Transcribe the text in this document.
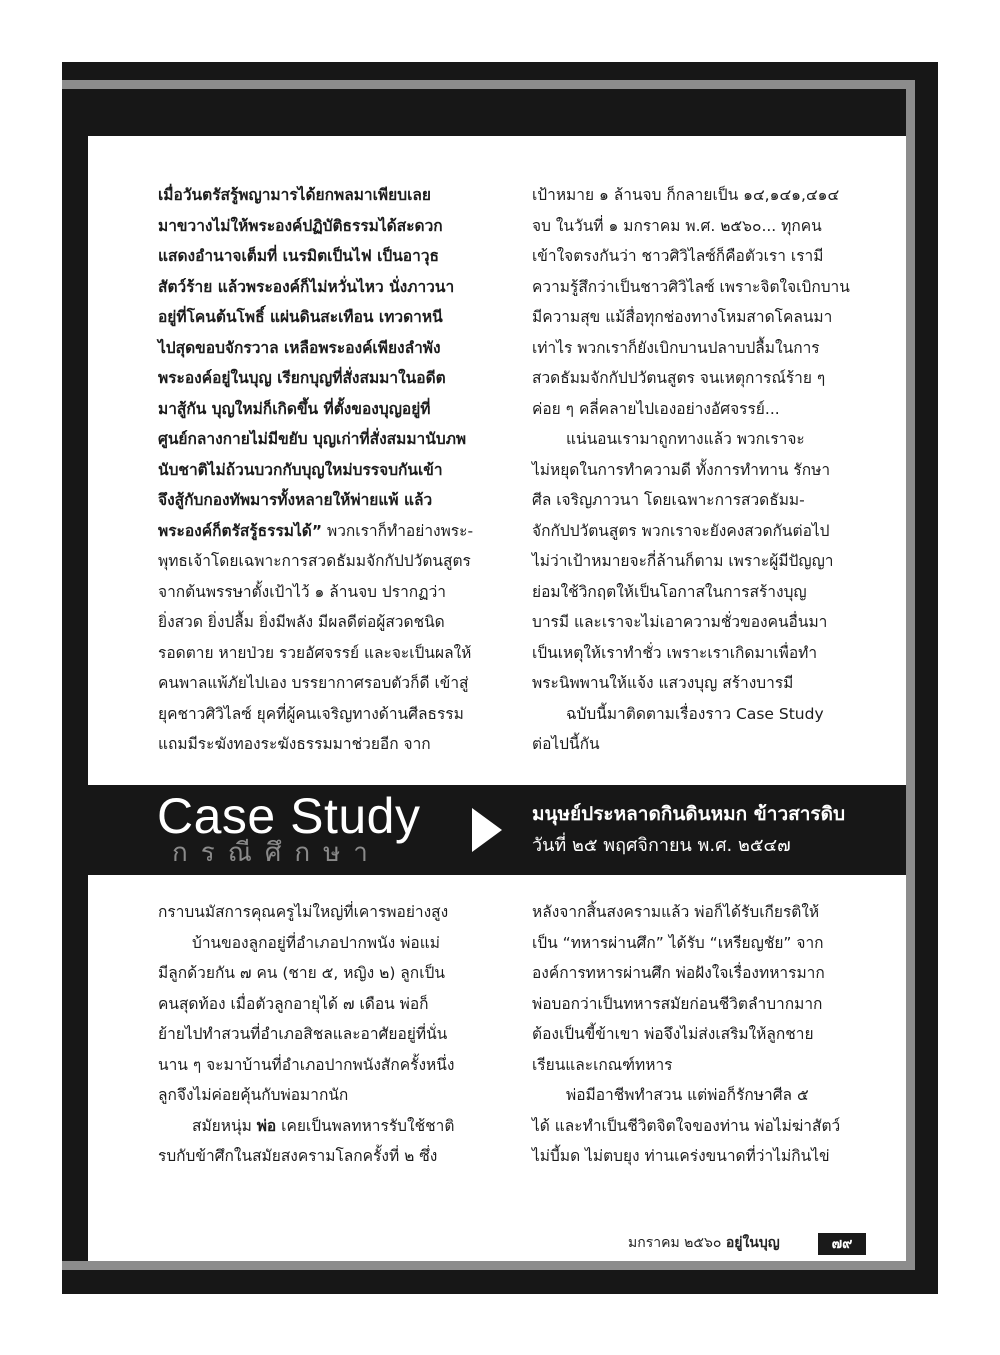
เมื่อวันตรัสรู้พญามารได้ยกพลมาเพียบเลย

มาขวางไม่ให้พระองค์ปฏิบัติธรรมได้สะดวก

แสดงอำนาจเต็มที่ เนรมิตเป็นไฟ เป็นอาวุธ

สัตว์ร้าย แล้วพระองค์ก็ไม่หวั่นไหว นั่งภาวนา

อยู่ที่โคนต้นโพธิ์ แผ่นดินสะเทือน เทวดาหนี

ไปสุดขอบจักรวาล เหลือพระองค์เพียงลำพัง

พระองค์อยู่ในบุญ เรียกบุญที่สั่งสมมาในอดีต

มาสู้กัน บุญใหม่ก็เกิดขึ้น ที่ตั้งของบุญอยู่ที่

ศูนย์กลางกายไม่มีขยับ บุญเก่าที่สั่งสมมานับภพ

นับชาติไม่ถ้วนบวกกับบุญใหม่บรรจบกันเข้า

จึงสู้กับกองทัพมารทั้งหลายให้พ่ายแพ้ แล้ว

พระองค์ก็ตรัสรู้ธรรมได้” พวกเราก็ทำอย่างพระ-

พุทธเจ้าโดยเฉพาะการสวดธัมมจักกัปปวัตนสูตร

จากต้นพรรษาตั้งเป้าไว้ ๑ ล้านจบ ปรากฏว่า

ยิ่งสวด ยิ่งปลื้ม ยิ่งมีพลัง มีผลดีต่อผู้สวดชนิด

รอดตาย หายป่วย รวยอัศจรรย์ และจะเป็นผลให้

คนพาลแพ้ภัยไปเอง บรรยากาศรอบตัวก็ดี เข้าสู่

ยุคชาวศิวิไลซ์ ยุคที่ผู้คนเจริญทางด้านศีลธรรม

แถมมีระฆังทองระฆังธรรมมาช่วยอีก จาก

เป้าหมาย ๑ ล้านจบ ก็กลายเป็น ๑๔,๑๔๑,๔๑๔

จบ ในวันที่ ๑ มกราคม พ.ศ. ๒๕๖๐... ทุกคน

เข้าใจตรงกันว่า ชาวศิวิไลซ์ก็คือตัวเรา เรามี

ความรู้สึกว่าเป็นชาวศิวิไลซ์ เพราะจิตใจเบิกบาน

มีความสุข แม้สื่อทุกช่องทางโหมสาดโคลนมา

เท่าไร พวกเราก็ยังเบิกบานปลาบปลื้มในการ

สวดธัมมจักกัปปวัตนสูตร จนเหตุการณ์ร้าย ๆ

ค่อย ๆ คลี่คลายไปเองอย่างอัศจรรย์...

แน่นอนเรามาถูกทางแล้ว พวกเราจะ

ไม่หยุดในการทำความดี ทั้งการทำทาน รักษา

ศีล เจริญภาวนา โดยเฉพาะการสวดธัมม-

จักกัปปวัตนสูตร พวกเราจะยังคงสวดกันต่อไป

ไม่ว่าเป้าหมายจะกี่ล้านก็ตาม เพราะผู้มีปัญญา

ย่อมใช้วิกฤตให้เป็นโอกาสในการสร้างบุญ

บารมี และเราจะไม่เอาความชั่วของคนอื่นมา

เป็นเหตุให้เราทำชั่ว เพราะเราเกิดมาเพื่อทำ

พระนิพพานให้แจ้ง แสวงบุญ สร้างบารมี

ฉบับนี้มาติดตามเรื่องราว Case Study

ต่อไปนี้กัน

Case Study
กรณีศึกษา
มนุษย์ประหลาดกินดินหมก ข้าวสารดิบ
วันที่ ๒๕ พฤศจิกายน พ.ศ. ๒๕๔๗

กราบนมัสการคุณครูไม่ใหญ่ที่เคารพอย่างสูง

บ้านของลูกอยู่ที่อำเภอปากพนัง พ่อแม่

มีลูกด้วยกัน ๗ คน (ชาย ๕, หญิง ๒) ลูกเป็น

คนสุดท้อง เมื่อตัวลูกอายุได้ ๗ เดือน พ่อก็

ย้ายไปทำสวนที่อำเภอสิชลและอาศัยอยู่ที่นั่น

นาน ๆ จะมาบ้านที่อำเภอปากพนังสักครั้งหนึ่ง

ลูกจึงไม่ค่อยคุ้นกับพ่อมากนัก

สมัยหนุ่ม พ่อ เคยเป็นพลทหารรับใช้ชาติ

รบกับข้าศึกในสมัยสงครามโลกครั้งที่ ๒ ซึ่ง

หลังจากสิ้นสงครามแล้ว พ่อก็ได้รับเกียรติให้

เป็น “ทหารผ่านศึก” ได้รับ “เหรียญชัย” จาก

องค์การทหารผ่านศึก พ่อฝังใจเรื่องทหารมาก

พ่อบอกว่าเป็นทหารสมัยก่อนชีวิตลำบากมาก

ต้องเป็นขี้ข้าเขา พ่อจึงไม่ส่งเสริมให้ลูกชาย

เรียนและเกณฑ์ทหาร

พ่อมีอาชีพทำสวน แต่พ่อก็รักษาศีล ๕

ได้ และทำเป็นชีวิตจิตใจของท่าน พ่อไม่ฆ่าสัตว์

ไม่บี้มด ไม่ตบยุง ท่านเคร่งขนาดที่ว่าไม่กินไข่

มกราคม ๒๕๖๐ อยู่ในบุญ	๗๙
